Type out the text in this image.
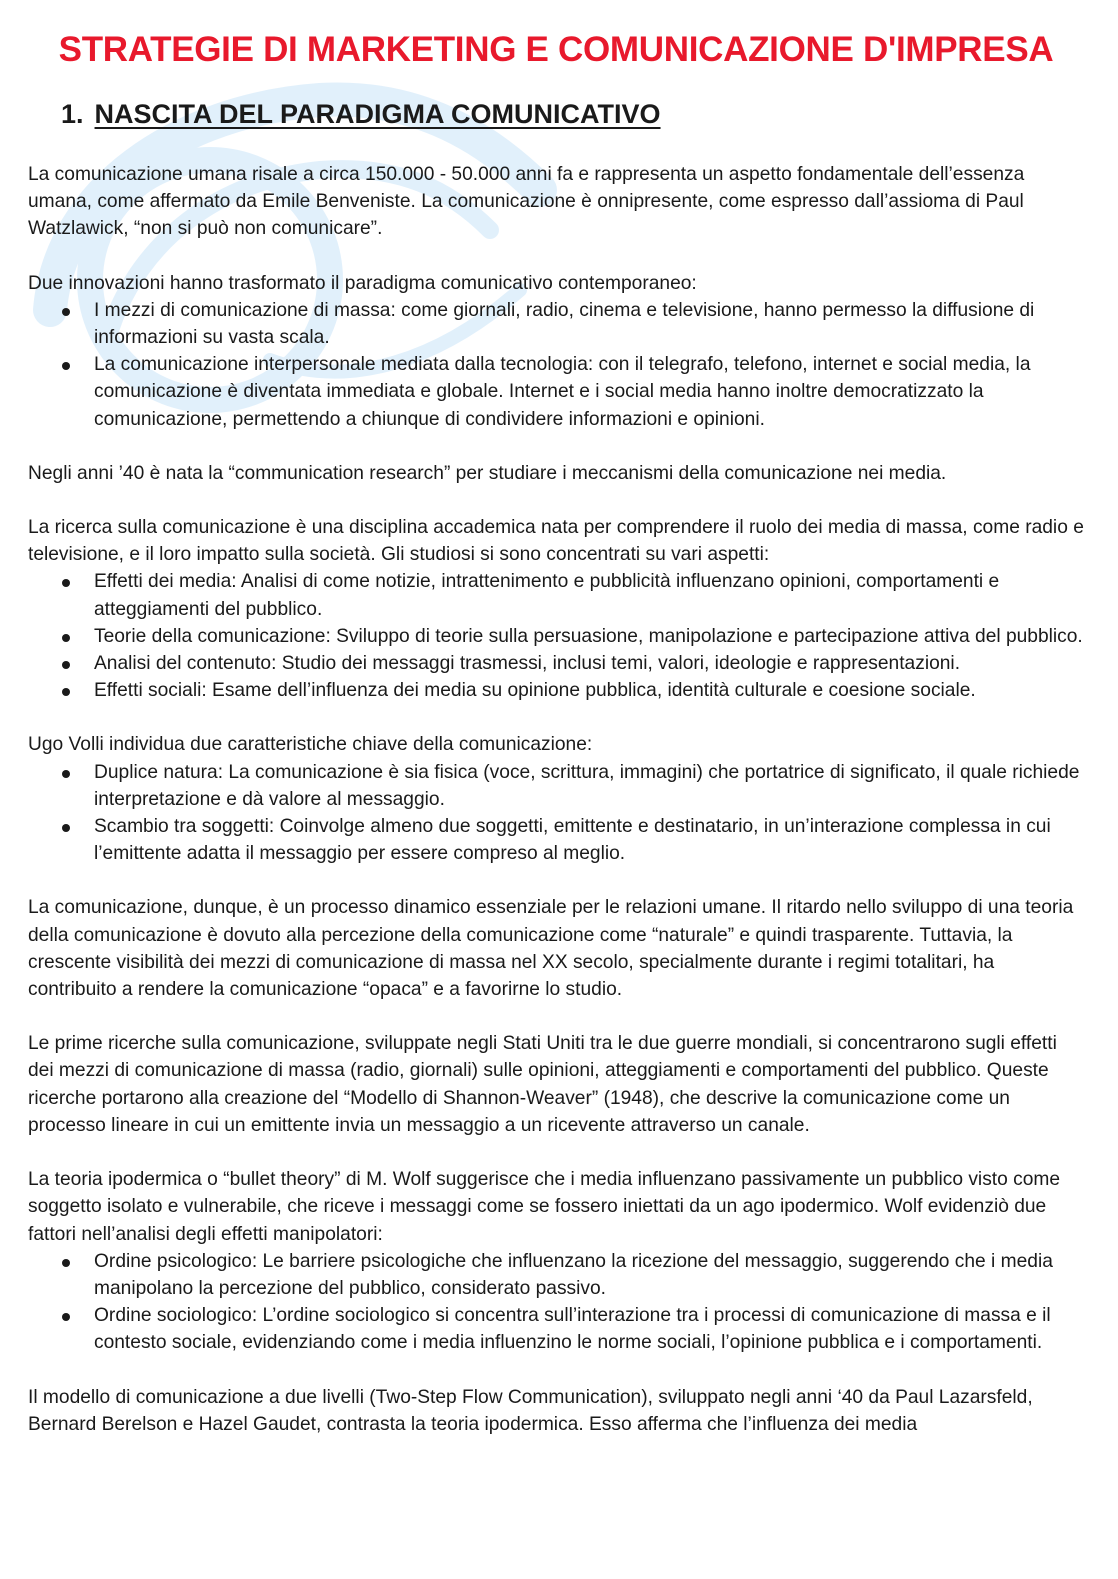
STRATEGIE DI MARKETING E COMUNICAZIONE D'IMPRESA
1. NASCITA DEL PARADIGMA COMUNICATIVO

La comunicazione umana risale a circa 150.000 - 50.000 anni fa e rappresenta un aspetto fondamentale dell’essenza umana, come affermato da Emile Benveniste. La comunicazione è onnipresente, come espresso dall’assioma di Paul Watzlawick, “non si può non comunicare”.

Due innovazioni hanno trasformato il paradigma comunicativo contemporaneo:

I mezzi di comunicazione di massa: come giornali, radio, cinema e televisione, hanno permesso la diffusione di informazioni su vasta scala.
La comunicazione interpersonale mediata dalla tecnologia: con il telegrafo, telefono, internet e social media, la comunicazione è diventata immediata e globale. Internet e i social media hanno inoltre democratizzato la comunicazione, permettendo a chiunque di condividere informazioni e opinioni.

Negli anni ’40 è nata la “communication research” per studiare i meccanismi della comunicazione nei media.

La ricerca sulla comunicazione è una disciplina accademica nata per comprendere il ruolo dei media di massa, come radio e televisione, e il loro impatto sulla società. Gli studiosi si sono concentrati su vari aspetti:

Effetti dei media: Analisi di come notizie, intrattenimento e pubblicità influenzano opinioni, comportamenti e atteggiamenti del pubblico.
Teorie della comunicazione: Sviluppo di teorie sulla persuasione, manipolazione e partecipazione attiva del pubblico.
Analisi del contenuto: Studio dei messaggi trasmessi, inclusi temi, valori, ideologie e rappresentazioni.
Effetti sociali: Esame dell’influenza dei media su opinione pubblica, identità culturale e coesione sociale.

Ugo Volli individua due caratteristiche chiave della comunicazione:

Duplice natura: La comunicazione è sia fisica (voce, scrittura, immagini) che portatrice di significato, il quale richiede interpretazione e dà valore al messaggio.
Scambio tra soggetti: Coinvolge almeno due soggetti, emittente e destinatario, in un’interazione complessa in cui l’emittente adatta il messaggio per essere compreso al meglio.

La comunicazione, dunque, è un processo dinamico essenziale per le relazioni umane. Il ritardo nello sviluppo di una teoria della comunicazione è dovuto alla percezione della comunicazione come “naturale” e quindi trasparente. Tuttavia, la crescente visibilità dei mezzi di comunicazione di massa nel XX secolo, specialmente durante i regimi totalitari, ha contribuito a rendere la comunicazione “opaca” e a favorirne lo studio.

Le prime ricerche sulla comunicazione, sviluppate negli Stati Uniti tra le due guerre mondiali, si concentrarono sugli effetti dei mezzi di comunicazione di massa (radio, giornali) sulle opinioni, atteggiamenti e comportamenti del pubblico. Queste ricerche portarono alla creazione del “Modello di Shannon-Weaver” (1948), che descrive la comunicazione come un processo lineare in cui un emittente invia un messaggio a un ricevente attraverso un canale.

La teoria ipodermica o “bullet theory” di M. Wolf suggerisce che i media influenzano passivamente un pubblico visto come soggetto isolato e vulnerabile, che riceve i messaggi come se fossero iniettati da un ago ipodermico. Wolf evidenziò due fattori nell’analisi degli effetti manipolatori:

Ordine psicologico: Le barriere psicologiche che influenzano la ricezione del messaggio, suggerendo che i media manipolano la percezione del pubblico, considerato passivo.
Ordine sociologico: L’ordine sociologico si concentra sull’interazione tra i processi di comunicazione di massa e il contesto sociale, evidenziando come i media influenzino le norme sociali, l’opinione pubblica e i comportamenti.

Il modello di comunicazione a due livelli (Two-Step Flow Communication), sviluppato negli anni ‘40 da Paul Lazarsfeld, Bernard Berelson e Hazel Gaudet, contrasta la teoria ipodermica. Esso afferma che l’influenza dei media
